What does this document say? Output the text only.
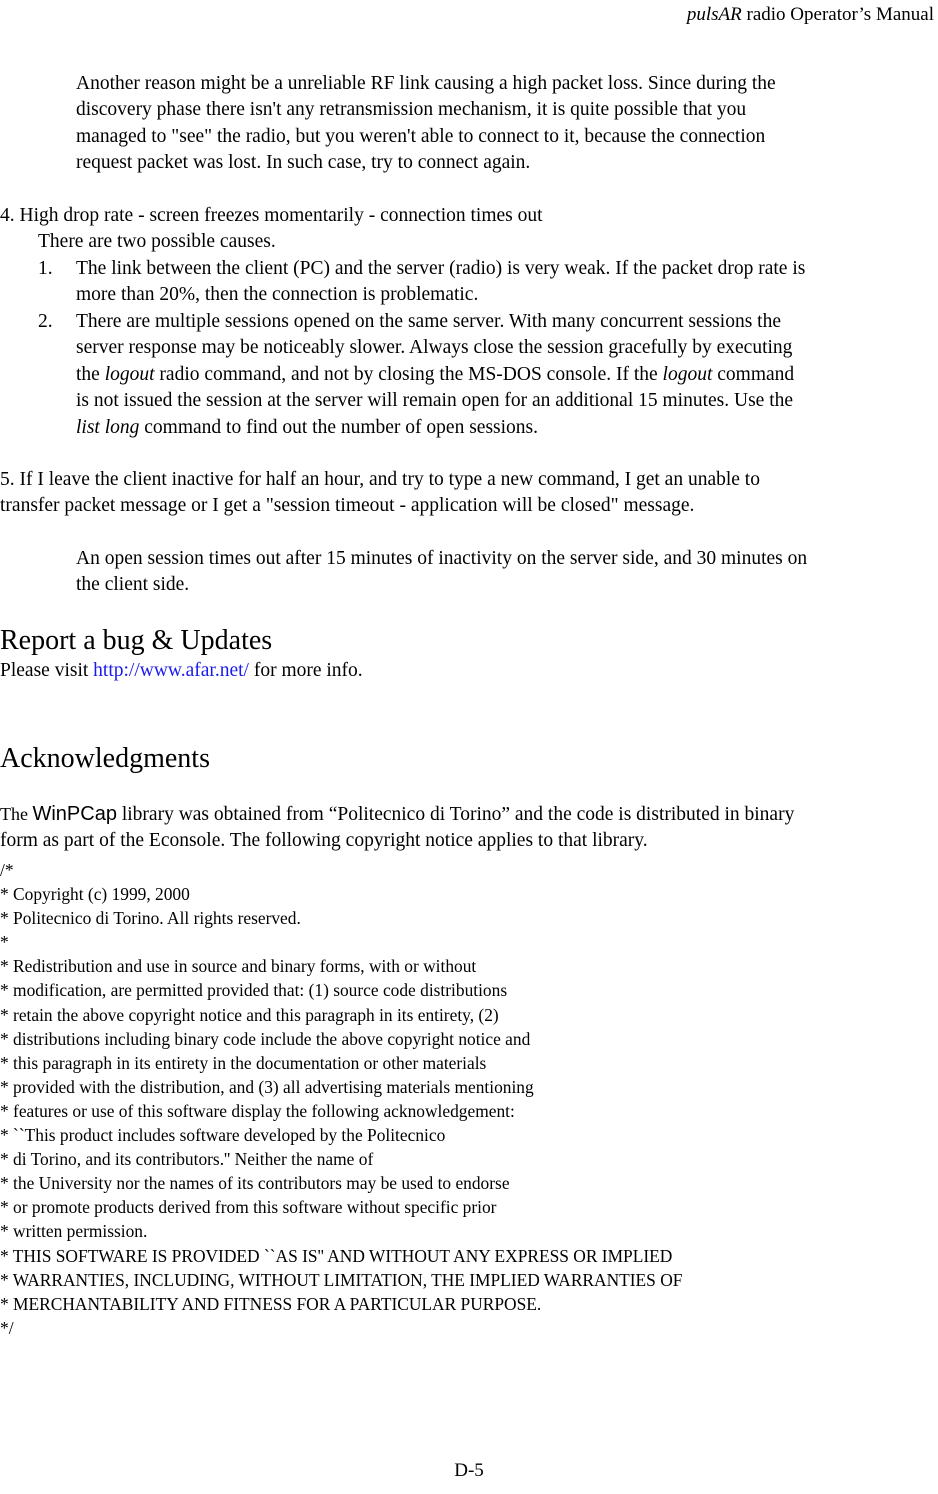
pulsAR radio Operator’s Manual
Another reason might be a unreliable RF link causing a high packet loss. Since during the
discovery phase there isn't any retransmission mechanism, it is quite possible that you
managed to "see" the radio, but you weren't able to connect to it, because the connection
request packet was lost. In such case, try to connect again.
4. High drop rate - screen freezes momentarily - connection times out
There are two possible causes.
1. The link between the client (PC) and the server (radio) is very weak. If the packet drop rate is
more than 20%, then the connection is problematic.
2. There are multiple sessions opened on the same server. With many concurrent sessions the
server response may be noticeably slower. Always close the session gracefully by executing
the logout radio command, and not by closing the MS-DOS console. If the logout command
is not issued the session at the server will remain open for an additional 15 minutes. Use the
list long command to find out the number of open sessions.
5. If I leave the client inactive for half an hour, and try to type a new command, I get an unable to
transfer packet message or I get a "session timeout - application will be closed" message.
An open session times out after 15 minutes of inactivity on the server side, and 30 minutes on
the client side.
Report a bug & Updates
Please visit http://www.afar.net/ for more info.
Acknowledgments
The WinPCap library was obtained from “Politecnico di Torino” and the code is distributed in binary
form as part of the Econsole. The following copyright notice applies to that library.
/*
* Copyright (c) 1999, 2000
* Politecnico di Torino. All rights reserved.
*
* Redistribution and use in source and binary forms, with or without
* modification, are permitted provided that: (1) source code distributions
* retain the above copyright notice and this paragraph in its entirety, (2)
* distributions including binary code include the above copyright notice and
* this paragraph in its entirety in the documentation or other materials
* provided with the distribution, and (3) all advertising materials mentioning
* features or use of this software display the following acknowledgement:
* ``This product includes software developed by the Politecnico
* di Torino, and its contributors.'' Neither the name of
* the University nor the names of its contributors may be used to endorse
* or promote products derived from this software without specific prior
* written permission.
* THIS SOFTWARE IS PROVIDED ``AS IS'' AND WITHOUT ANY EXPRESS OR IMPLIED
* WARRANTIES, INCLUDING, WITHOUT LIMITATION, THE IMPLIED WARRANTIES OF
* MERCHANTABILITY AND FITNESS FOR A PARTICULAR PURPOSE.
*/
D-5
